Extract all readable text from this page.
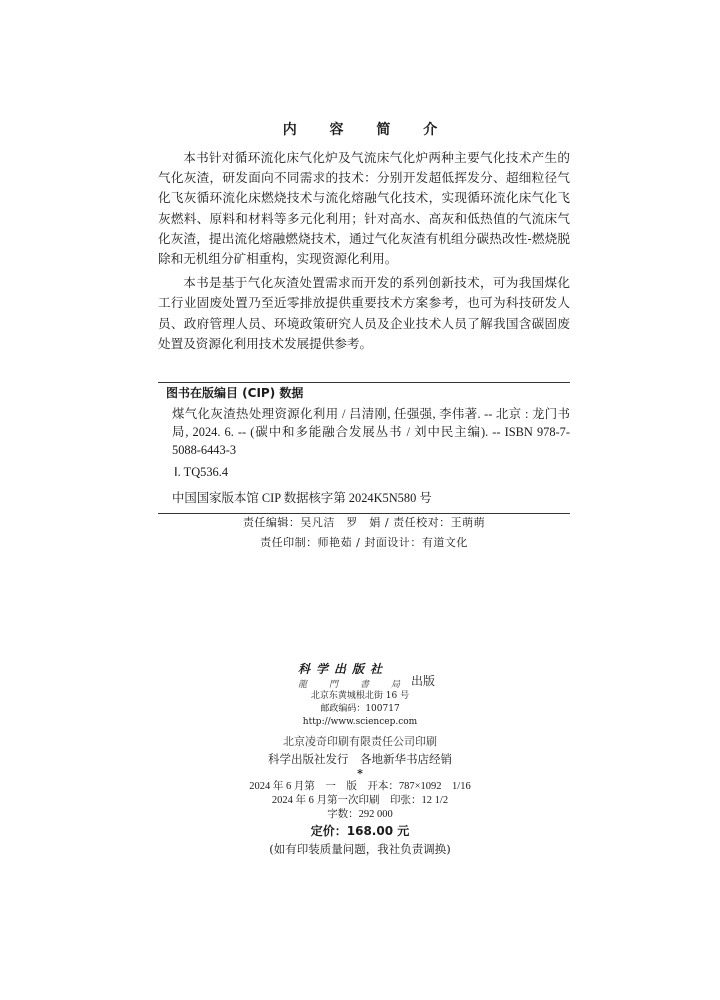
内 容 简 介

本书针对循环流化床气化炉及气流床气化炉两种主要气化技术产生的气化灰渣，研发面向不同需求的技术：分别开发超低挥发分、超细粒径气化飞灰循环流化床燃烧技术与流化熔融气化技术，实现循环流化床气化飞灰燃料、原料和材料等多元化利用；针对高水、高灰和低热值的气流床气化灰渣，提出流化熔融燃烧技术，通过气化灰渣有机组分碳热改性-燃烧脱除和无机组分矿相重构，实现资源化利用。

本书是基于气化灰渣处置需求而开发的系列创新技术，可为我国煤化工行业固废处置乃至近零排放提供重要技术方案参考，也可为科技研发人员、政府管理人员、环境政策研究人员及企业技术人员了解我国含碳固废处置及资源化利用技术发展提供参考。

图书在版编目 (CIP) 数据

煤气化灰渣热处理资源化利用 / 吕清刚, 任强强, 李伟著. -- 北京 : 龙门书局, 2024. 6. -- (碳中和多能融合发展丛书 / 刘中民主编). -- ISBN 978-7-5088-6443-3

Ⅰ. TQ536.4

中国国家版本馆 CIP 数据核字第 2024K5N580 号

责任编辑：吴凡洁　罗　娟 / 责任校对：王萌萌
责任印制：师艳茹 / 封面设计：有道文化
科学出版社
龍門書局
出版

北京东黄城根北街 16 号

邮政编码：100717

http://www.sciencep.com

北京凌奇印刷有限责任公司印刷

科学出版社发行　各地新华书店经销

*

2024 年 6 月第　一　版　开本：787×1092　1/16

2024 年 6 月第一次印刷　印张：12 1/2

字数：292 000

定价：168.00 元

(如有印装质量问题，我社负责调换)
